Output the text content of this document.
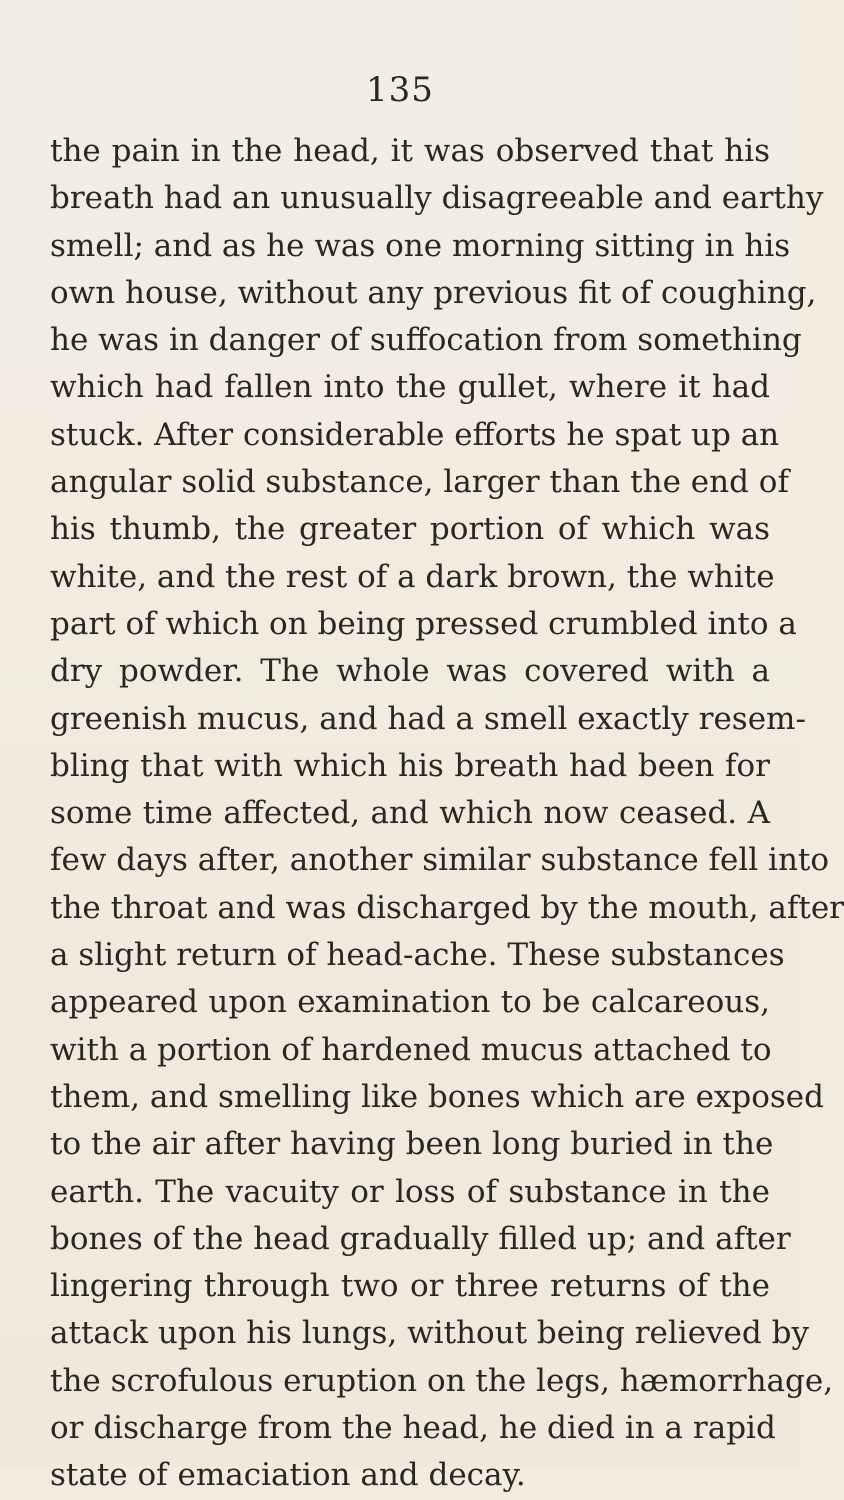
135
the pain in the head, it was observed that his
breath had an unusually disagreeable and earthy
smell; and as he was one morning sitting in his
own house, without any previous fit of coughing,
he was in danger of suffocation from something
which had fallen into the gullet, where it had
stuck. After considerable efforts he spat up an
angular solid substance, larger than the end of
his thumb, the greater portion of which was
white, and the rest of a dark brown, the white
part of which on being pressed crumbled into a
dry powder. The whole was covered with a
greenish mucus, and had a smell exactly resem-
bling that with which his breath had been for
some time affected, and which now ceased. A
few days after, another similar substance fell into
the throat and was discharged by the mouth, after
a slight return of head-ache. These substances
appeared upon examination to be calcareous,
with a portion of hardened mucus attached to
them, and smelling like bones which are exposed
to the air after having been long buried in the
earth. The vacuity or loss of substance in the
bones of the head gradually filled up; and after
lingering through two or three returns of the
attack upon his lungs, without being relieved by
the scrofulous eruption on the legs, hæmorrhage,
or discharge from the head, he died in a rapid
state of emaciation and decay.
